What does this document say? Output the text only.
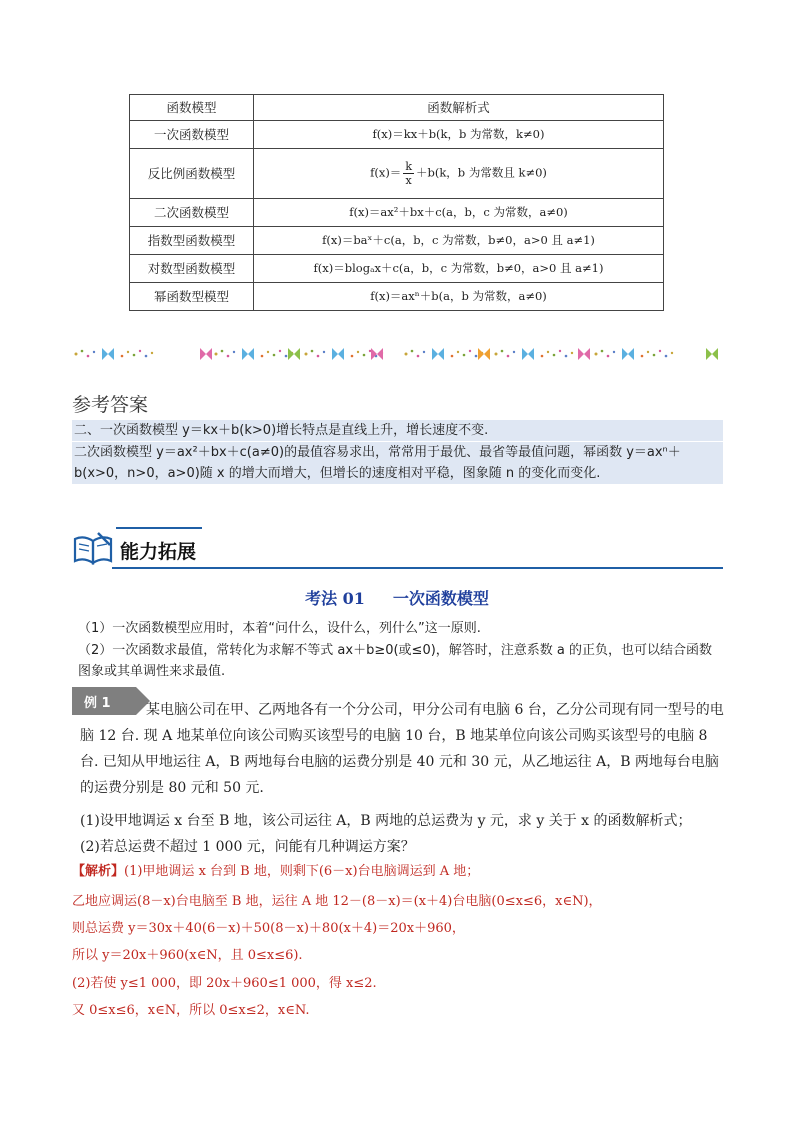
函数模型	函数解析式
一次函数模型	f(x)＝kx＋b(k，b 为常数，k≠0)
反比例函数模型	$f(x)= \frac{k}{x} +b(k$，b 为常数且 k≠0)
二次函数模型	f(x)＝ax²＋bx＋c(a，b，c 为常数，a≠0)
指数型函数模型	f(x)＝baˣ＋c(a，b，c 为常数，b≠0，a>0 且 a≠1)
对数型函数模型	f(x)＝blogₐx＋c(a，b，c 为常数，b≠0，a>0 且 a≠1)
幂函数型模型	f(x)＝axⁿ＋b(a，b 为常数，a≠0)
参考答案

二、一次函数模型 y＝kx＋b(k>0)增长特点是直线上升，增长速度不变.

二次函数模型 y＝ax²＋bx＋c(a≠0)的最值容易求出，常常用于最优、最省等最值问题，幂函数 y＝axⁿ＋b(x>0，n>0，a>0)随 x 的增大而增大，但增长的速度相对平稳，图象随 n 的变化而变化.

能力拓展
考法 01 一次函数模型
（1）一次函数模型应用时，本着“问什么，设什么，列什么”这一原则.
（2）一次函数求最值，常转化为求解不等式 ax＋b≥0(或≤0)，解答时，注意系数 a 的正负，也可以结合函数图象或其单调性来求最值.
例 1	某电脑公司在甲、乙两地各有一个分公司，甲分公司有电脑 6 台，乙分公司现有同一型号的电脑 12 台. 现 A 地某单位向该公司购买该型号的电脑 10 台，B 地某单位向该公司购买该型号的电脑 8 台. 已知从甲地运往 A，B 两地每台电脑的运费分别是 40 元和 30 元，从乙地运往 A，B 两地每台电脑的运费分别是 80 元和 50 元.
(1)设甲地调运 x 台至 B 地，该公司运往 A，B 两地的总运费为 y 元，求 y 关于 x 的函数解析式；
(2)若总运费不超过 1 000 元，问能有几种调运方案？
【解析】(1)甲地调运 x 台到 B 地，则剩下(6－x)台电脑调运到 A 地；
乙地应调运(8－x)台电脑至 B 地，运往 A 地 12－(8－x)＝(x＋4)台电脑(0≤x≤6，x∈N)，
则总运费 y＝30x＋40(6－x)＋50(8－x)＋80(x＋4)＝20x＋960，
所以 y＝20x＋960(x∈N，且 0≤x≤6).
(2)若使 y≤1 000，即 20x＋960≤1 000，得 x≤2.
又 0≤x≤6，x∈N，所以 0≤x≤2，x∈N.
